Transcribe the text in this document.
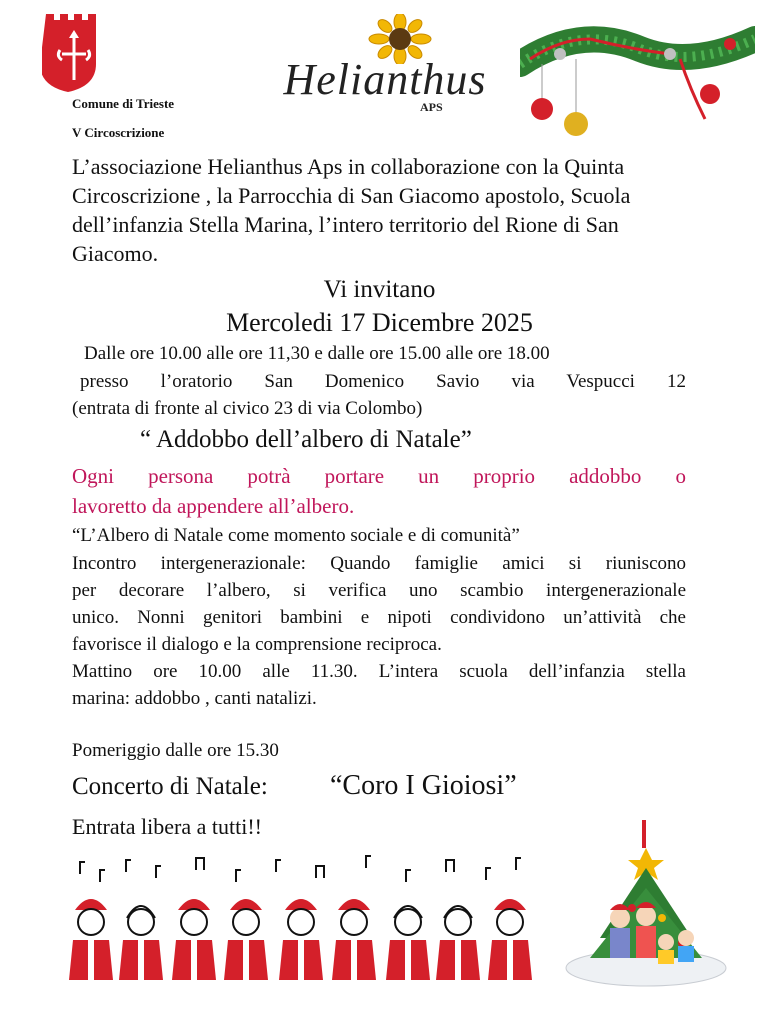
Comune di Trieste
V Circoscrizione
Helianthus
APS
L’associazione Helianthus Aps in collaborazione con la Quinta Circoscrizione , la Parrocchia di San Giacomo apostolo, Scuola dell’infanzia Stella Marina, l’intero territorio del Rione di San Giacomo.
Vi invitano
Mercoledi 17 Dicembre 2025
Dalle ore 10.00 alle ore 11,30 e dalle ore 15.00 alle ore 18.00
presso l’oratorio San Domenico Savio via Vespucci 12
(entrata di fronte al civico 23 di via Colombo)
“ Addobbo dell’albero di Natale”
Ogni persona potrà portare un proprio addobbo o
lavoretto da appendere all’albero.
“L’Albero di Natale come momento sociale e di comunità”
Incontro intergenerazionale: Quando famiglie amici si riuniscono
per decorare l’albero, si verifica uno scambio intergenerazionale
unico. Nonni genitori bambini e nipoti condividono un’attività che
favorisce il dialogo e la comprensione reciproca.
Mattino ore 10.00 alle 11.30. L’intera scuola dell’infanzia stella
marina: addobbo , canti natalizi.
Pomeriggio dalle ore 15.30
Concerto di Natale: “Coro I Gioiosi”
Entrata libera a tutti!!
